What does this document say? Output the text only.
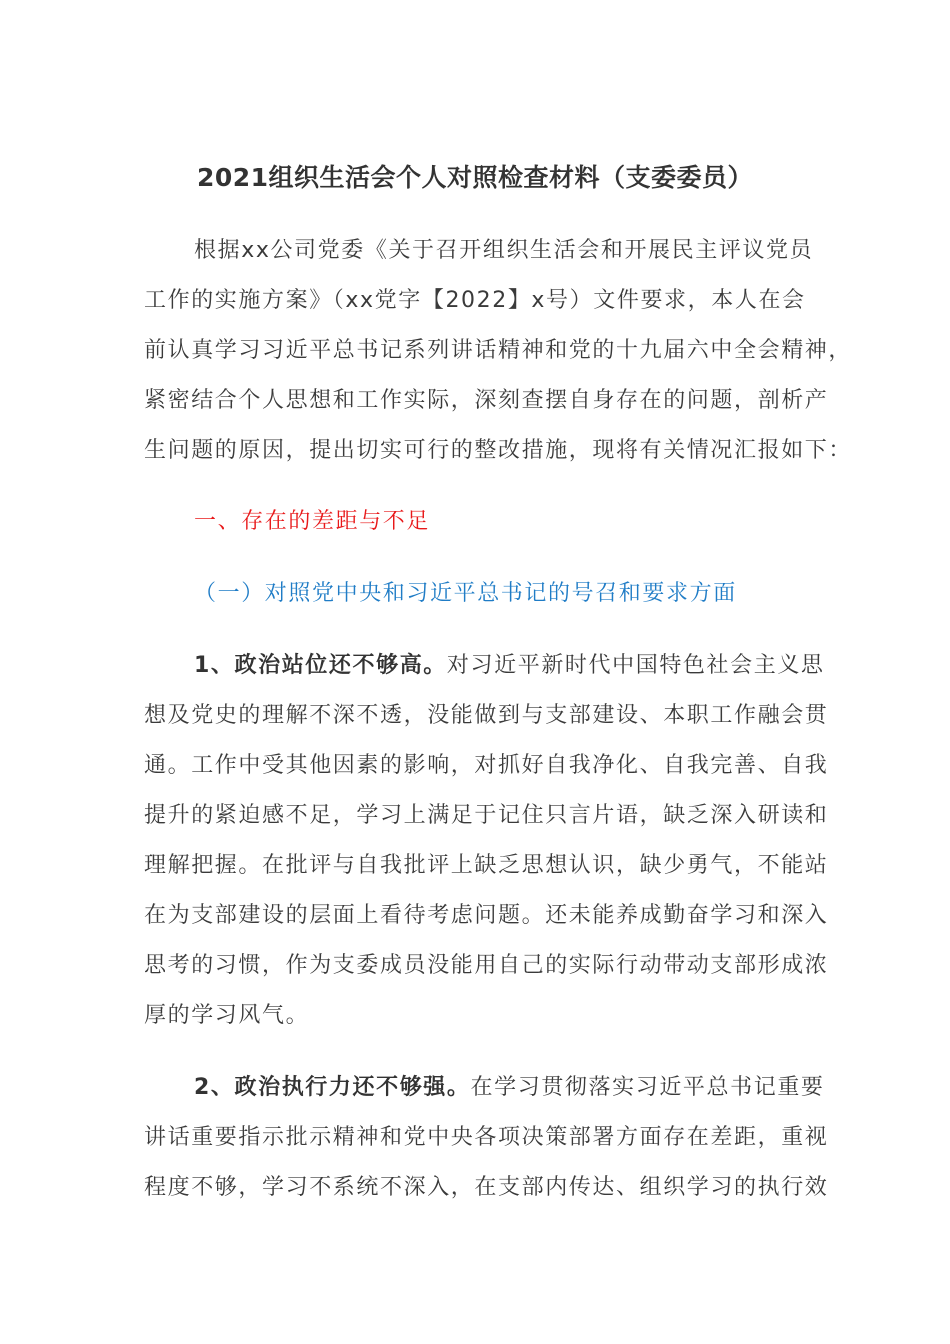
2021组织生活会个人对照检查材料（支委委员）
根据xx公司党委《关于召开组织生活会和开展民主评议党员
工作的实施方案》（xx党字【2022】x号）文件要求，本人在会
前认真学习习近平总书记系列讲话精神和党的十九届六中全会精神，
紧密结合个人思想和工作实际，深刻查摆自身存在的问题，剖析产
生问题的原因，提出切实可行的整改措施，现将有关情况汇报如下：
一、存在的差距与不足
（一）对照党中央和习近平总书记的号召和要求方面
1、政治站位还不够高。对习近平新时代中国特色社会主义思
想及党史的理解不深不透，没能做到与支部建设、本职工作融会贯
通。工作中受其他因素的影响，对抓好自我净化、自我完善、自我
提升的紧迫感不足，学习上满足于记住只言片语，缺乏深入研读和
理解把握。在批评与自我批评上缺乏思想认识，缺少勇气，不能站
在为支部建设的层面上看待考虑问题。还未能养成勤奋学习和深入
思考的习惯，作为支委成员没能用自己的实际行动带动支部形成浓
厚的学习风气。
2、政治执行力还不够强。在学习贯彻落实习近平总书记重要
讲话重要指示批示精神和党中央各项决策部署方面存在差距，重视
程度不够，学习不系统不深入，在支部内传达、组织学习的执行效
